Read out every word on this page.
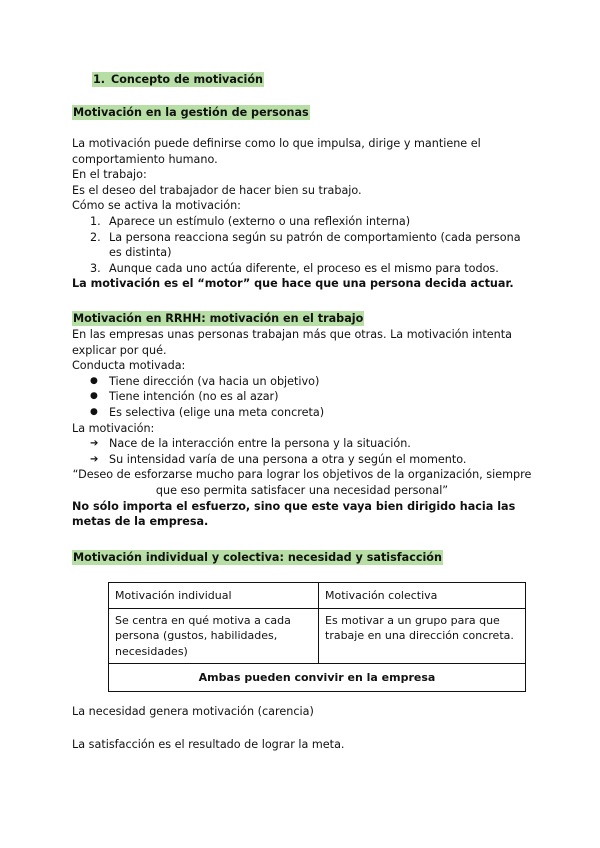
1. Concepto de motivación
Motivación en la gestión de personas

La motivación puede definirse como lo que impulsa, dirige y mantiene el comportamiento humano.

En el trabajo:

Es el deseo del trabajador de hacer bien su trabajo.

Cómo se activa la motivación:

1. Aparece un estímulo (externo o una reflexión interna)
2. La persona reacciona según su patrón de comportamiento (cada persona es distinta)
3. Aunque cada uno actúa diferente, el proceso es el mismo para todos.

La motivación es el “motor” que hace que una persona decida actuar.

Motivación en RRHH: motivación en el trabajo

En las empresas unas personas trabajan más que otras. La motivación intenta explicar por qué.

Conducta motivada:

● Tiene dirección (va hacia un objetivo)
● Tiene intención (no es al azar)
● Es selectiva (elige una meta concreta)

La motivación:

➔ Nace de la interacción entre la persona y la situación.
➔ Su intensidad varía de una persona a otra y según el momento.

“Deseo de esforzarse mucho para lograr los objetivos de la organización, siempre que eso permita satisfacer una necesidad personal”

No sólo importa el esfuerzo, sino que este vaya bien dirigido hacia las metas de la empresa.

Motivación individual y colectiva: necesidad y satisfacción
Motivación individual	Motivación colectiva
Se centra en qué motiva a cada persona (gustos, habilidades, necesidades)	Es motivar a un grupo para que trabaje en una dirección concreta.
Ambas pueden convivir en la empresa	
La necesidad genera motivación (carencia)
La satisfacción es el resultado de lograr la meta.
